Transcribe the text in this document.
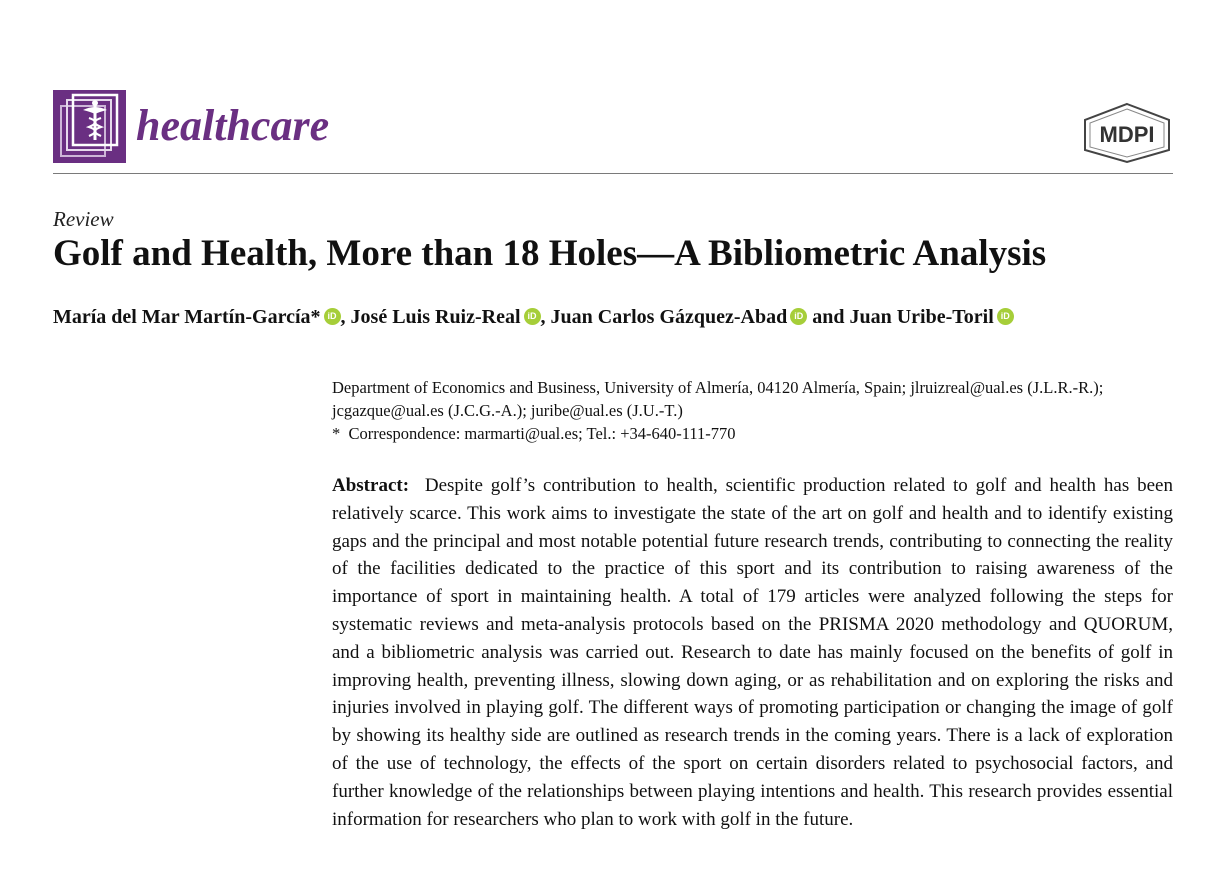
healthcare	MDPI
Review
Golf and Health, More than 18 Holes—A Bibliometric Analysis
María del Mar Martín-García* iD , José Luis Ruiz-Real iD , Juan Carlos Gázquez-Abad iD and Juan Uribe-Toril iD

Department of Economics and Business, University of Almería, 04120 Almería, Spain; jlruizreal@ual.es (J.L.R.-R.);

jcgazque@ual.es (J.C.G.-A.); juribe@ual.es (J.U.-T.)

*  Correspondence: marmarti@ual.es; Tel.: +34-640-111-770

Abstract: Despite golf’s contribution to health, scientific production related to golf and health has been relatively scarce. This work aims to investigate the state of the art on golf and health and to identify existing gaps and the principal and most notable potential future research trends, contributing to connecting the reality of the facilities dedicated to the practice of this sport and its contribution to raising awareness of the importance of sport in maintaining health. A total of 179 articles were analyzed following the steps for systematic reviews and meta-analysis protocols based on the PRISMA 2020 methodology and QUORUM, and a bibliometric analysis was carried out. Research to date has mainly focused on the benefits of golf in improving health, preventing illness, slowing down aging, or as rehabilitation and on exploring the risks and injuries involved in playing golf. The different ways of promoting participation or changing the image of golf by showing its healthy side are outlined as research trends in the coming years. There is a lack of exploration of the use of technology, the effects of the sport on certain disorders related to psychosocial factors, and further knowledge of the relationships between playing intentions and health. This research provides essential information for researchers who plan to work with golf in the future.
